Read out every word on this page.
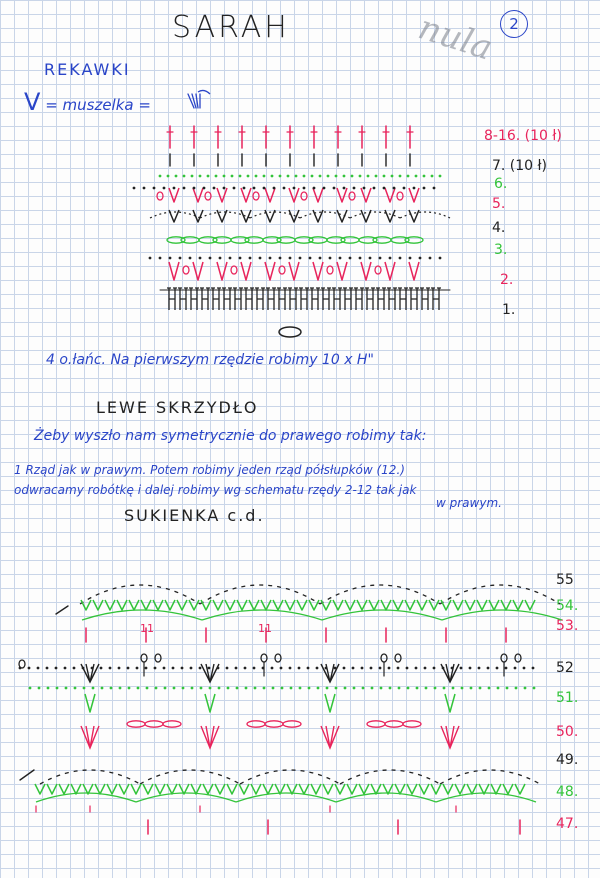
SARAH	nula 2
REKAWKI
V = muszelka =
4 o.łańc. Na pierwszym rzędzie robimy 10 x H"
LEWE SKRZYDŁO
Żeby wyszło nam symetrycznie do prawego robimy tak:
1 Rząd jak w prawym. Potem robimy jeden rząd półsłupków (12.)
odwracamy robótkę i dalej robimy wg schematu rzędy 2-12 tak jak
w prawym.
SUKIENKA c.d.
8-16. (10 ł)
7. (10 ł)
6.
5.
4.
3.
2.
1.
55
54.
53.
52
51.
50.
49.
48.
47.
11	11
